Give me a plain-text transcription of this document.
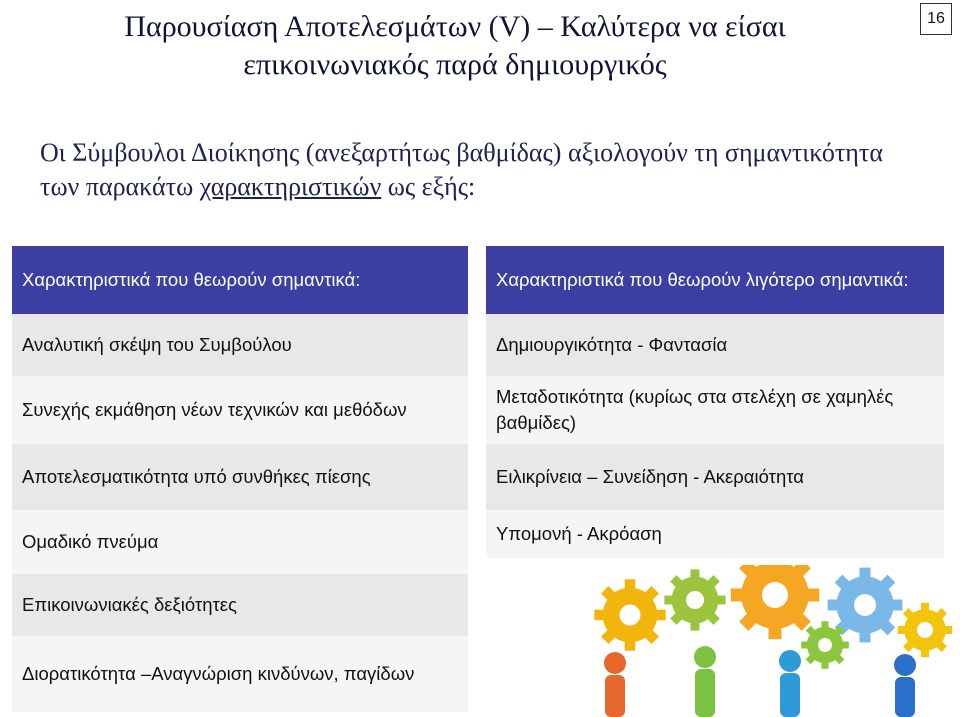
Παρουσίαση Αποτελεσμάτων (V) – Καλύτερα να είσαι
επικοινωνιακός παρά δημιουργικός
16
Οι Σύμβουλοι Διοίκησης (ανεξαρτήτως βαθμίδας) αξιολογούν τη σημαντικότητα των παρακάτω χαρακτηριστικών ως εξής:
Χαρακτηριστικά που θεωρούν σημαντικά:	Χαρακτηριστικά που θεωρούν λιγότερο σημαντικά:
Αναλυτική σκέψη του Συμβούλου
Συνεχής εκμάθηση νέων τεχνικών και μεθόδων
Αποτελεσματικότητα υπό συνθήκες πίεσης
Ομαδικό πνεύμα
Επικοινωνιακές δεξιότητες
Διορατικότητα –Αναγνώριση κινδύνων, παγίδων
Δημιουργικότητα - Φαντασία
Μεταδοτικότητα (κυρίως στα στελέχη σε χαμηλές βαθμίδες)
Ειλικρίνεια – Συνείδηση - Ακεραιότητα
Υπομονή - Ακρόαση
